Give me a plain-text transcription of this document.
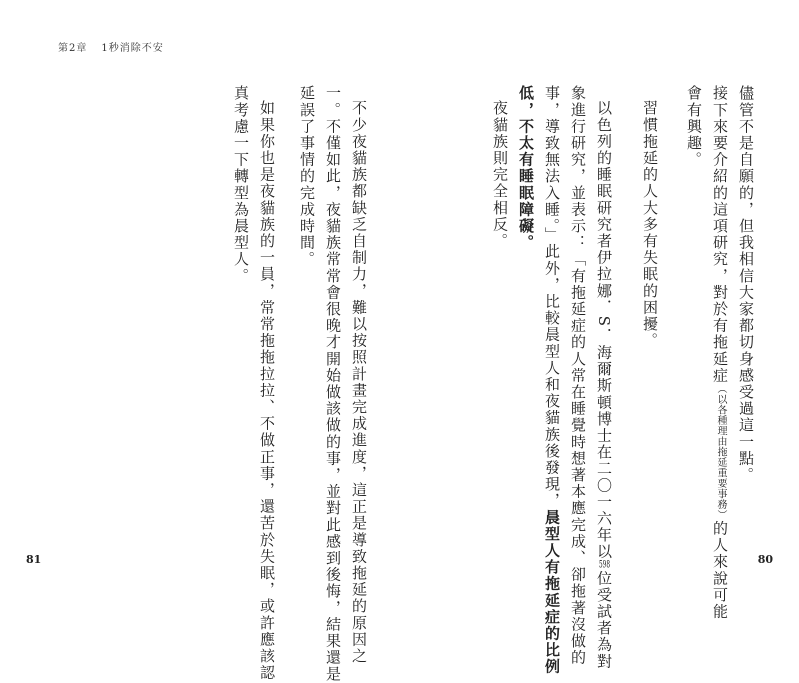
第2章 1秒消除不安
儘管不是自願的，但我相信大家都切身感受過這一點。
接下來要介紹的這項研究，對於有拖延症（以各種理由拖延重要事務）的人來說可能
會有興趣。
習慣拖延的人大多有失眠的困擾。
以色列的睡眠研究者伊拉娜．S．海爾斯頓博士在二〇一六年以598位受試者為對
象進行研究，並表示：「有拖延症的人常在睡覺時想著本應完成、卻拖著沒做的
事，導致無法入睡。」此外，比較晨型人和夜貓族後發現，晨型人有拖延症的比例
低，不太有睡眠障礙。
夜貓族則完全相反。
不少夜貓族都缺乏自制力，難以按照計畫完成進度，這正是導致拖延的原因之
一。不僅如此，夜貓族常常會很晚才開始做該做的事，並對此感到後悔，結果還是
延誤了事情的完成時間。
如果你也是夜貓族的一員，常常拖拖拉拉、不做正事，還苦於失眠，或許應該認
真考慮一下轉型為晨型人。
81	80
